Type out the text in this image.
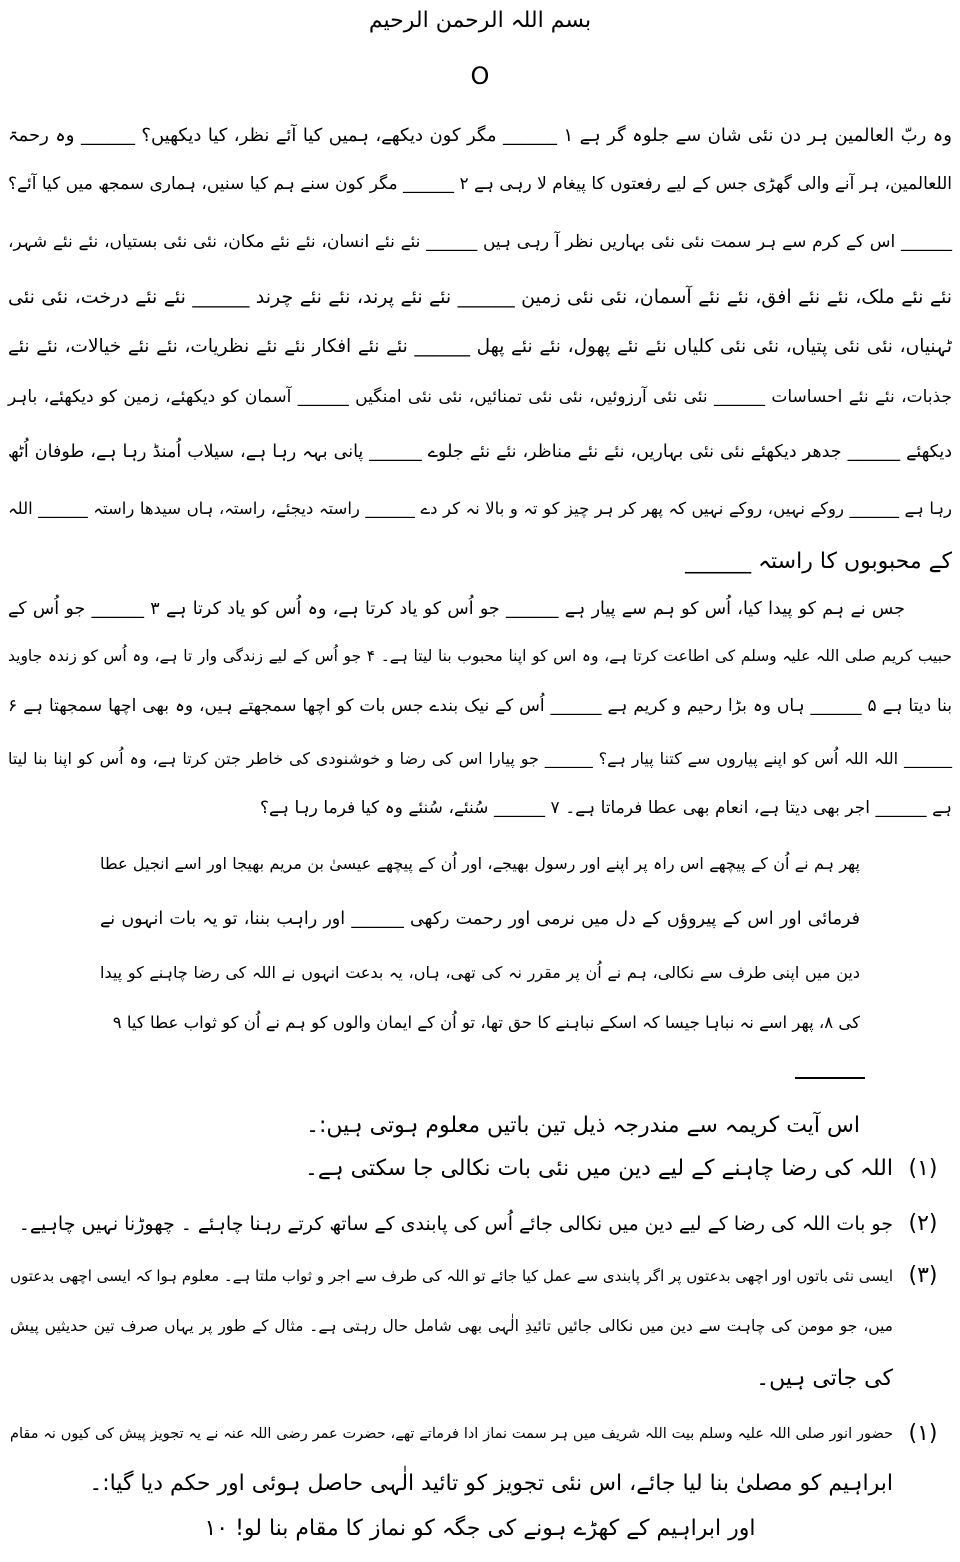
بسم اللہ الرحمن الرحیم
O
وہ ربّ العالمین ہر دن نئی شان سے جلوہ گر ہے ۱ ______ مگر کون دیکھے، ہمیں کیا آئے نظر، کیا دیکھیں؟ ______ وہ رحمۃ
اللعالمین، ہر آنے والی گھڑی جس کے لیے رفعتوں کا پیغام لا رہی ہے ۲ ______ مگر کون سنے ہم کیا سنیں، ہماری سمجھ میں کیا آئے؟
______ اس کے کرم سے ہر سمت نئی نئی بہاریں نظر آ رہی ہیں ______ نئے نئے انسان، نئے نئے مکان، نئی نئی بستیاں، نئے نئے شہر،
نئے نئے ملک، نئے نئے افق، نئے نئے آسمان، نئی نئی زمین ______ نئے نئے پرند، نئے نئے چرند ______ نئے نئے درخت، نئی نئی
ٹہنیاں، نئی نئی پتیاں، نئی نئی کلیاں نئے نئے پھول، نئے نئے پھل ______ نئے نئے افکار نئے نئے نظریات، نئے نئے خیالات، نئے نئے
جذبات، نئے نئے احساسات ______ نئی نئی آرزوئیں، نئی نئی تمنائیں، نئی نئی امنگیں ______ آسمان کو دیکھئے، زمین کو دیکھئے، باہر
دیکھئے ______ جدھر دیکھئے نئی نئی بہاریں، نئے نئے مناظر، نئے نئے جلوے ______ پانی بہہ رہا ہے، سیلاب اُمنڈ رہا ہے، طوفان اُٹھ
رہا ہے ______ روکے نہیں، روکے نہیں کہ پھر کر ہر چیز کو تہ و بالا نہ کر دے ______ راستہ دیجئے، راستہ، ہاں سیدھا راستہ ______ اللہ
کے محبوبوں کا راستہ ______
جس نے ہم کو پیدا کیا، اُس کو ہم سے پیار ہے ______ جو اُس کو یاد کرتا ہے، وہ اُس کو یاد کرتا ہے ۳ ______ جو اُس کے
حبیب کریم صلی اللہ علیہ وسلم کی اطاعت کرتا ہے، وہ اس کو اپنا محبوب بنا لیتا ہے۔ ۴ جو اُس کے لیے زندگی وار تا ہے، وہ اُس کو زندہ جاوید
بنا دیتا ہے ۵ ______ ہاں وہ بڑا رحیم و کریم ہے ______ اُس کے نیک بندے جس بات کو اچھا سمجھتے ہیں، وہ بھی اچھا سمجھتا ہے ۶
______ اللہ اللہ اُس کو اپنے پیاروں سے کتنا پیار ہے؟ ______ جو پیارا اس کی رضا و خوشنودی کی خاطر جتن کرتا ہے، وہ اُس کو اپنا بنا لیتا
ہے ______ اجر بھی دیتا ہے، انعام بھی عطا فرماتا ہے۔ ۷ ______ سُنئے، سُنئے وہ کیا فرما رہا ہے؟
پھر ہم نے اُن کے پیچھے اس راہ پر اپنے اور رسول بھیجے، اور اُن کے پیچھے عیسیٰ بن مریم بھیجا اور اسے انجیل عطا
فرمائی اور اس کے پیروؤں کے دل میں نرمی اور رحمت رکھی ______ اور راہب بننا، تو یہ بات انہوں نے
دین میں اپنی طرف سے نکالی، ہم نے اُن پر مقرر نہ کی تھی، ہاں، یہ بدعت انہوں نے اللہ کی رضا چاہنے کو پیدا
کی ۸، پھر اسے نہ نباہا جیسا کہ اسکے نباہنے کا حق تھا، تو اُن کے ایمان والوں کو ہم نے اُن کو ثواب عطا کیا ۹
اس آیت کریمہ سے مندرجہ ذیل تین باتیں معلوم ہوتی ہیں:۔
(۱)
اللہ کی رضا چاہنے کے لیے دین میں نئی بات نکالی جا سکتی ہے۔
(۲)
جو بات اللہ کی رضا کے لیے دین میں نکالی جائے اُس کی پابندی کے ساتھ کرتے رہنا چاہئے ۔ چھوڑنا نہیں چاہیے۔
(۳)
ایسی نئی باتوں اور اچھی بدعتوں پر اگر پابندی سے عمل کیا جائے تو اللہ کی طرف سے اجر و ثواب ملتا ہے۔ معلوم ہوا کہ ایسی اچھی بدعتوں
میں، جو مومن کی چاہت سے دین میں نکالی جائیں تائیدِ الٰہی بھی شامل حال رہتی ہے۔ مثال کے طور پر یہاں صرف تین حدیثیں پیش
کی جاتی ہیں۔
(۱)
حضور انور صلی اللہ علیہ وسلم بیت اللہ شریف میں ہر سمت نماز ادا فرماتے تھے، حضرت عمر رضی اللہ عنہ نے یہ تجویز پیش کی کیوں نہ مقام
ابراہیم کو مصلیٰ بنا لیا جائے، اس نئی تجویز کو تائید الٰہی حاصل ہوئی اور حکم دیا گیا:۔
اور ابراہیم کے کھڑے ہونے کی جگہ کو نماز کا مقام بنا لو! ۱۰
